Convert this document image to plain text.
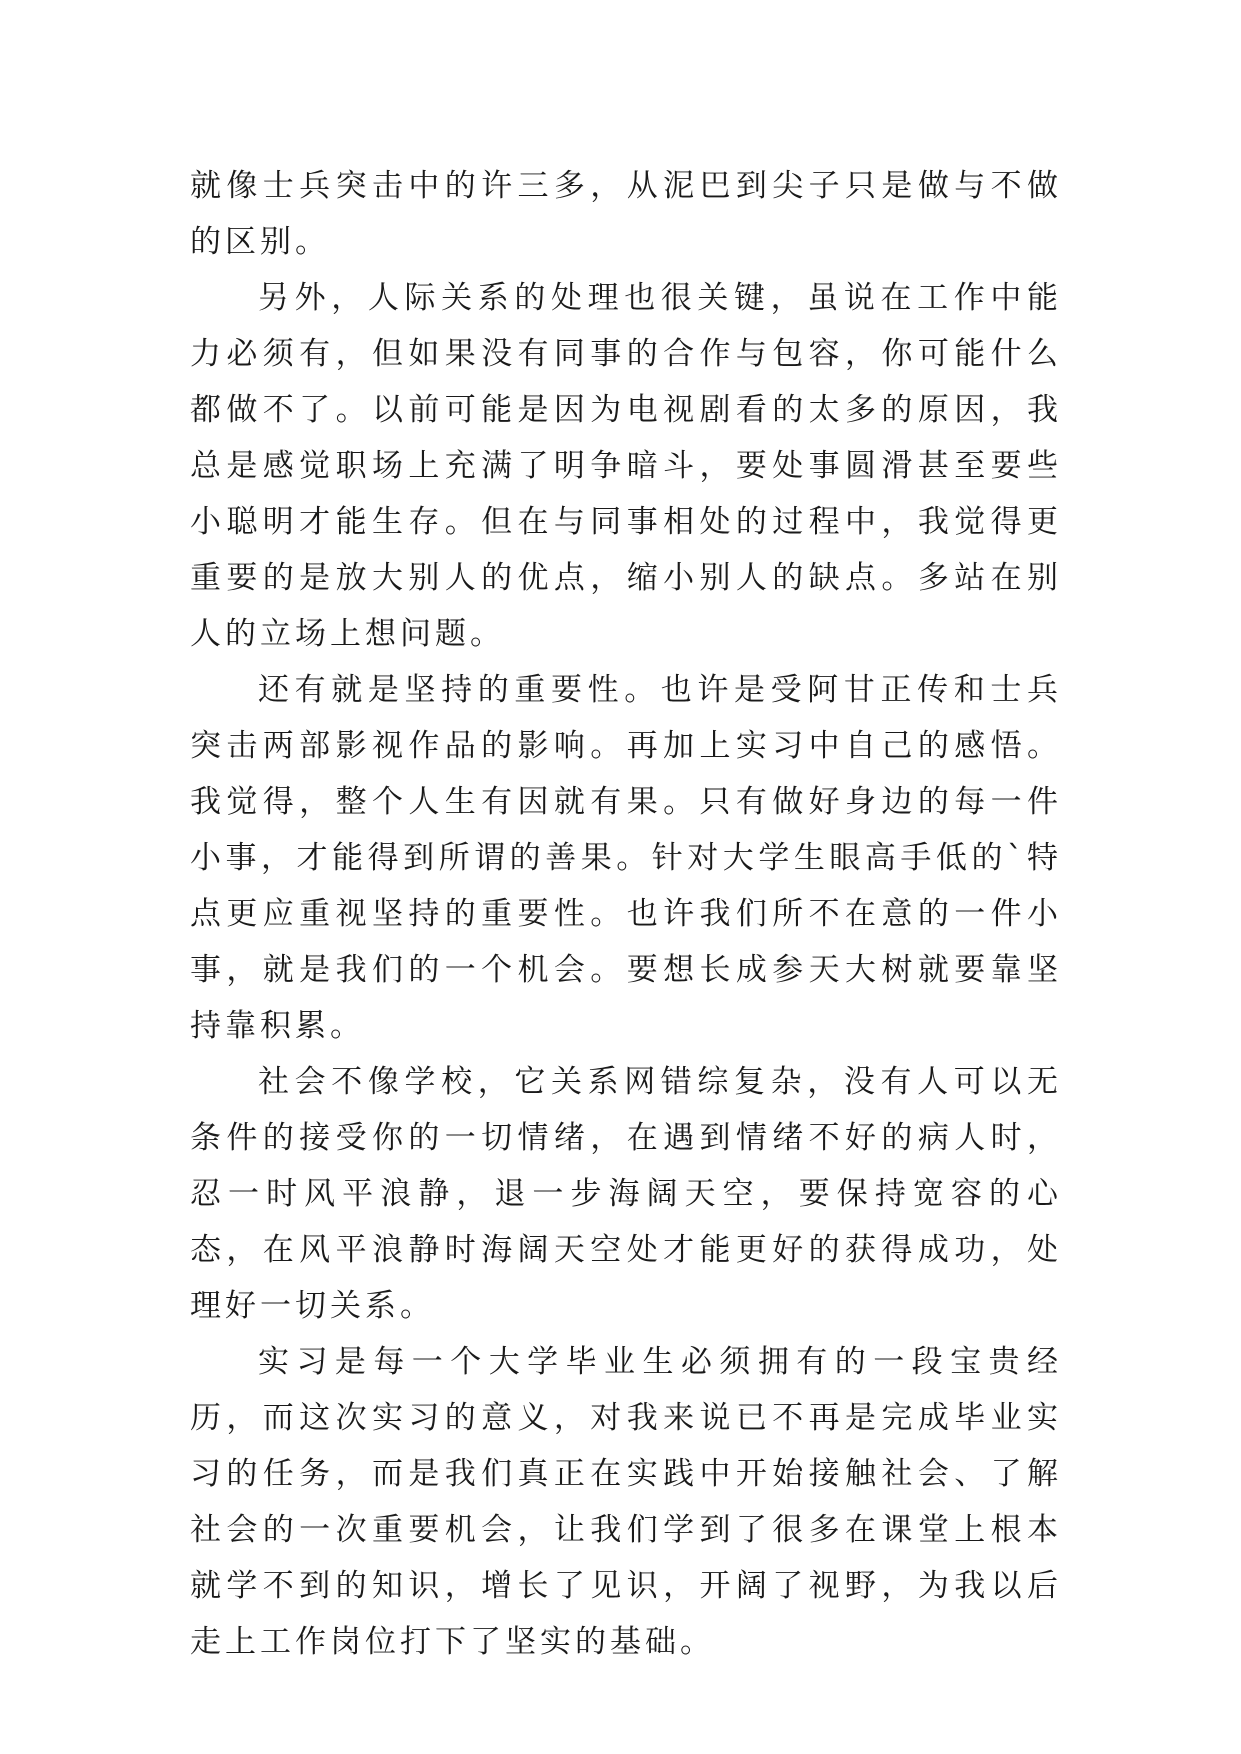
就像士兵突击中的许三多，从泥巴到尖子只是做与不做的区别。

另外，人际关系的处理也很关键，虽说在工作中能力必须有，但如果没有同事的合作与包容，你可能什么都做不了。以前可能是因为电视剧看的太多的原因，我总是感觉职场上充满了明争暗斗，要处事圆滑甚至要些小聪明才能生存。但在与同事相处的过程中，我觉得更重要的是放大别人的优点，缩小别人的缺点。多站在别人的立场上想问题。

还有就是坚持的重要性。也许是受阿甘正传和士兵突击两部影视作品的影响。再加上实习中自己的感悟。我觉得，整个人生有因就有果。只有做好身边的每一件小事，才能得到所谓的善果。针对大学生眼高手低的`特点更应重视坚持的重要性。也许我们所不在意的一件小事，就是我们的一个机会。要想长成参天大树就要靠坚持靠积累。

社会不像学校，它关系网错综复杂，没有人可以无条件的接受你的一切情绪，在遇到情绪不好的病人时，忍一时风平浪静，退一步海阔天空，要保持宽容的心态，在风平浪静时海阔天空处才能更好的获得成功，处理好一切关系。

实习是每一个大学毕业生必须拥有的一段宝贵经历，而这次实习的意义，对我来说已不再是完成毕业实习的任务，而是我们真正在实践中开始接触社会、了解社会的一次重要机会，让我们学到了很多在课堂上根本就学不到的知识，增长了见识，开阔了视野，为我以后走上工作岗位打下了坚实的基础。
